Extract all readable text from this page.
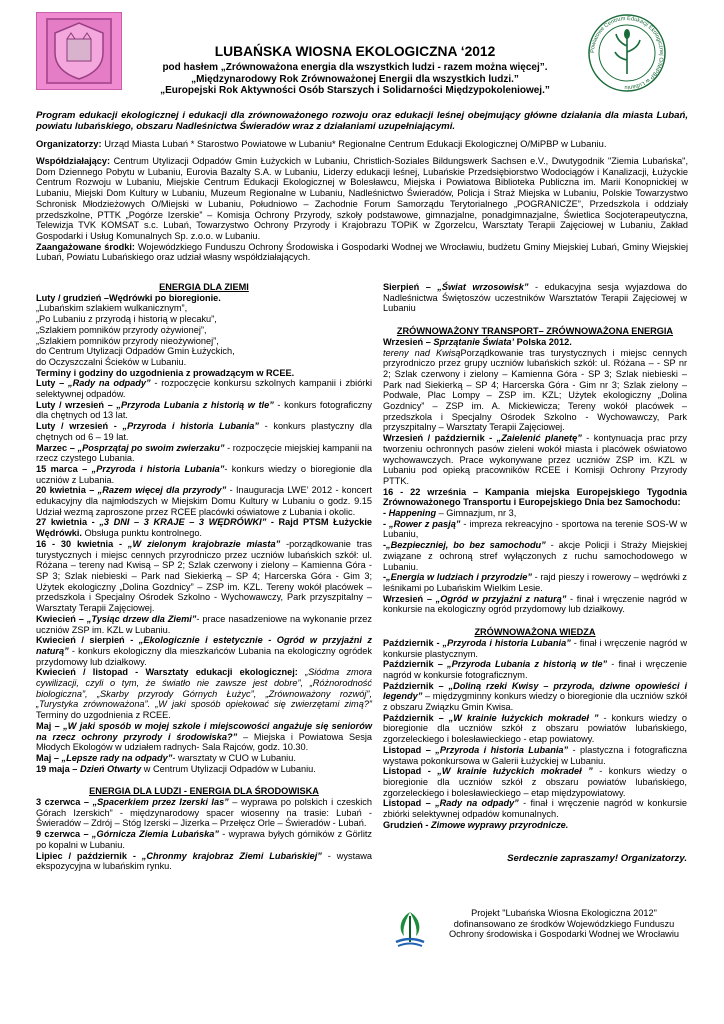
Powiatowe Centrum Edukacji Ekologicznej O/MiPBP w Lubaniu
LUBAŃSKA WIOSNA EKOLOGICZNA ‘2012
pod hasłem „Zrównoważona energia dla wszystkich ludzi - razem można więcej”.
„Międzynarodowy Rok Zrównoważonej Energii dla wszystkich ludzi.”
„Europejski Rok Aktywności Osób Starszych i Solidarności Międzypokoleniowej.”
Program edukacji ekologicznej i edukacji dla zrównoważonego rozwoju oraz edukacji leśnej obejmujący główne działania dla miasta Lubań, powiatu lubańskiego, obszaru Nadleśnictwa Świeradów wraz z działaniami uzupełniającymi.
Organizatorzy: Urząd Miasta Lubań * Starostwo Powiatowe w Lubaniu* Regionalne Centrum Edukacji Ekologicznej O/MiPBP w Lubaniu.
Współdziałający: Centrum Utylizacji Odpadów Gmin Łużyckich w Lubaniu, Christlich-Soziales Bildungswerk Sachsen e.V., Dwutygodnik "Ziemia Lubańska", Dom Dziennego Pobytu w Lubaniu, Eurovia Bazalty S.A. w Lubaniu, Liderzy edukacji leśnej, Lubańskie Przedsiębiorstwo Wodociągów i Kanalizacji, Łużyckie Centrum Rozwoju w Lubaniu, Miejskie Centrum Edukacji Ekologicznej w Bolesławcu, Miejska i Powiatowa Biblioteka Publiczna im. Marii Konopnickiej w Lubaniu, Miejski Dom Kultury w Lubaniu, Muzeum Regionalne w Lubaniu, Nadleśnictwo Świeradów, Policja i Straż Miejska w Lubaniu, Polskie Towarzystwo Schronisk Młodzieżowych O/Miejski w Lubaniu, Południowo – Zachodnie Forum Samorządu Terytorialnego „POGRANICZE”, Przedszkola i oddziały przedszkolne, PTTK „Pogórze Izerskie” – Komisja Ochrony Przyrody, szkoły podstawowe, gimnazjalne, ponadgimnazjalne, Świetlica Socjoterapeutyczna, Telewizja TVK KOMSAT s.c. Lubań, Towarzystwo Ochrony Przyrody i Krajobrazu TOPiK w Zgorzelcu, Warsztaty Terapii Zajęciowej w Lubaniu, Zakład Gospodarki i Usług Komunalnych Sp. z.o.o. w Lubaniu.
Zaangażowane środki: Wojewódzkiego Funduszu Ochrony Środowiska i Gospodarki Wodnej we Wrocławiu, budżetu Gminy Miejskiej Lubań, Gminy Wiejskiej Lubań, Powiatu Lubańskiego oraz udział własny współdziałających.
ENERGIA DLA ZIEMI
Luty / grudzień –Wędrówki po bioregionie.
„Lubańskim szlakiem wulkanicznym”,
„Po Lubaniu z przyrodą i historią w plecaku”,
„Szlakiem pomników przyrody ożywionej”,
„Szlakiem pomników przyrody nieożywionej”,
do Centrum Utylizacji Odpadów Gmin Łużyckich,
do Oczyszczalni Ścieków w Lubaniu.
Terminy i godziny do uzgodnienia z prowadzącym w RCEE.
Luty – „Rady na odpady” - rozpoczęcie konkursu szkolnych kampanii i zbiórki selektywnej odpadów.
Luty / wrzesień – „Przyroda Lubania z historią w tle” - konkurs fotograficzny dla chętnych od 13 lat.
Luty / wrzesień - „Przyroda i historia Lubania” - konkurs plastyczny dla chętnych od 6 – 19 lat.
Marzec – „Posprzątaj po swoim zwierzaku” - rozpoczęcie miejskiej kampanii na rzecz czystego Lubania.
15 marca – „Przyroda i historia Lubania”- konkurs wiedzy o bioregionie dla uczniów z Lubania.
20 kwietnia – „Razem więcej dla przyrody” - Inauguracja LWE’ 2012 - koncert edukacyjny dla najmłodszych w Miejskim Domu Kultury w Lubaniu o godz. 9.15 Udział wezmą zaproszone przez RCEE placówki oświatowe z Lubania i okolic.
27 kwietnia - „3 DNI – 3 KRAJE – 3 WĘDRÓWKI” - Rajd PTSM Łużyckie Wędrówki. Obsługa punktu kontrolnego.
16 - 30 kwietnia - „W zielonym krajobrazie miasta” -porządkowanie tras turystycznych i miejsc cennych przyrodniczo przez uczniów lubańskich szkół: ul. Różana – tereny nad Kwisą – SP 2; Szlak czerwony i zielony – Kamienna Góra - SP 3; Szlak niebieski – Park nad Siekierką – SP 4; Harcerska Góra - Gim 3; Użytek ekologiczny „Dolina Gozdnicy” – ZSP im. KZL. Tereny wokół placówek – przedszkola i Specjalny Ośrodek Szkolno - Wychowawczy, Park przyszpitalny – Warsztaty Terapii Zajęciowej.
Kwiecień – „Tysiąc drzew dla Ziemi”- prace nasadzeniowe na wykonanie przez uczniów ZSP im. KZL w Lubaniu.
Kwiecień / sierpień - „Ekologicznie i estetycznie - Ogród w przyjaźni z naturą” - konkurs ekologiczny dla mieszkańców Lubania na ekologiczny ogródek przydomowy lub działkowy.
Kwiecień / listopad - Warsztaty edukacji ekologicznej: „Siódma zmora cywilizacji, czyli o tym, że światło nie zawsze jest dobre”, „Różnorodność biologiczna”, „Skarby przyrody Górnych Łużyc”, „Zrównoważony rozwój”, „Turystyka zrównoważona”. „W jaki sposób opiekować się zwierzętami zimą?” Terminy do uzgodnienia z RCEE.
Maj – „W jaki sposób w mojej szkole i miejscowości angażuje się seniorów na rzecz ochrony przyrody i środowiska?” – Miejska i Powiatowa Sesja Młodych Ekologów w udziałem radnych- Sala Rajców, godz. 10.30.
Maj – „Lepsze rady na odpady”- warsztaty w CUO w Lubaniu.
19 maja – Dzień Otwarty w Centrum Utylizacji Odpadów w Lubaniu.
ENERGIA DLA LUDZI - ENERGIA DLA ŚRODOWISKA
3 czerwca – „Spacerkiem przez Izerski las” – wyprawa po polskich i czeskich Górach Izerskich” - międzynarodowy spacer wiosenny na trasie: Lubań - Świeradów – Zdrój – Stóg Izerski – Jizerka – Przełęcz Orle – Świeradów - Lubań.
9 czerwca – „Górnicza Ziemia Lubańska” - wyprawa byłych górników z Görlitz po kopalni w Lubaniu.
Lipiec / październik - „Chronmy krajobraz Ziemi Lubańskiej” - wystawa ekspozycyjna w lubańskim rynku.
Sierpień – „Świat wrzosowisk” - edukacyjna sesja wyjazdowa do Nadleśnictwa Świętoszów uczestników Warsztatów Terapii Zajęciowej w Lubaniu
ZRÓWNOWAŻONY TRANSPORT– ZRÓWNOWAŻONA ENERGIA
Wrzesień – Sprzątanie Świata’ Polska 2012.
tereny nad KwisąPorządkowanie tras turystycznych i miejsc cennych przyrodniczo przez grupy uczniów lubańskich szkół: ul. Różana – - SP nr 2; Szlak czerwony i zielony – Kamienna Góra - SP 3; Szlak niebieski – Park nad Siekierką – SP 4; Harcerska Góra - Gim nr 3; Szlak zielony – Podwale, Plac Lompy – ZSP im. KZL; Użytek ekologiczny „Dolina Gozdnicy” – ZSP im. A. Mickiewicza; Tereny wokół placówek – przedszkola i Specjalny Ośrodek Szkolno - Wychowawczy, Park przyszpitalny – Warsztaty Terapii Zajęciowej.
Wrzesień / październik - „Zaielenić planetę” - kontynuacja prac przy tworzeniu ochronnych pasów zieleni wokół miasta i placówek oświatowo wychowawczych. Prace wykonywane przez uczniów ZSP im. KZL w Lubaniu pod opieką pracowników RCEE i Komisji Ochrony Przyrody PTTK.
16 - 22 września – Kampania miejska Europejskiego Tygodnia Zrównoważonego Transportu i Europejskiego Dnia bez Samochodu:
- Happening – Gimnazjum, nr 3,
- „Rower z pasją” - impreza rekreacyjno - sportowa na terenie SOS-W w Lubaniu,
-„Bezpieczniej, bo bez samochodu” - akcje Policji i Straży Miejskiej związane z ochroną stref wyłączonych z ruchu samochodowego w Lubaniu.
-„Energia w ludziach i przyrodzie” - rajd pieszy i rowerowy – wędrówki z leśnikami po Lubańskim Wielkim Lesie.
Wrzesień – „Ogród w przyjaźni z naturą” - finał i wręczenie nagród w konkursie na ekologiczny ogród przydomowy lub działkowy.
ZRÓWNOWAŻONA WIEDZA
Październik - „Przyroda i historia Lubania” - finał i wręczenie nagród w konkursie plastycznym.
Październik – „Przyroda Lubania z historią w tle” - finał i wręczenie nagród w konkursie fotograficznym.
Październik – „Doliną rzeki Kwisy – przyroda, dziwne opowieści i legendy” – międzygminny konkurs wiedzy o bioregionie dla uczniów szkół z obszaru Związku Gmin Kwisa.
Październik – „W krainie łużyckich mokradeł ” - konkurs wiedzy o bioregionie dla uczniów szkół z obszaru powiatów lubańskiego, zgorzeleckiego i bolesławieckiego - etap powiatowy.
Listopad – „Przyroda i historia Lubania” - plastyczna i fotograficzna wystawa pokonkursowa w Galerii Łużyckiej w Lubaniu.
Listopad - „W krainie łużyckich mokradeł ” - konkurs wiedzy o bioregionie dla uczniów szkół z obszaru powiatów lubańskiego, zgorzeleckiego i bolesławieckiego – etap międzypowiatowy.
Listopad – „Rady na odpady” - finał i wręczenie nagród w konkursie zbiórki selektywnej odpadów komunalnych.
Grudzień - Zimowe wyprawy przyrodnicze.
Serdecznie zapraszamy! Organizatorzy.
Projekt "Lubańska Wiosna Ekologiczna 2012" dofinansowano ze środków Wojewódzkiego Funduszu Ochrony środowiska i Gospodarki Wodnej we Wrocławiu
